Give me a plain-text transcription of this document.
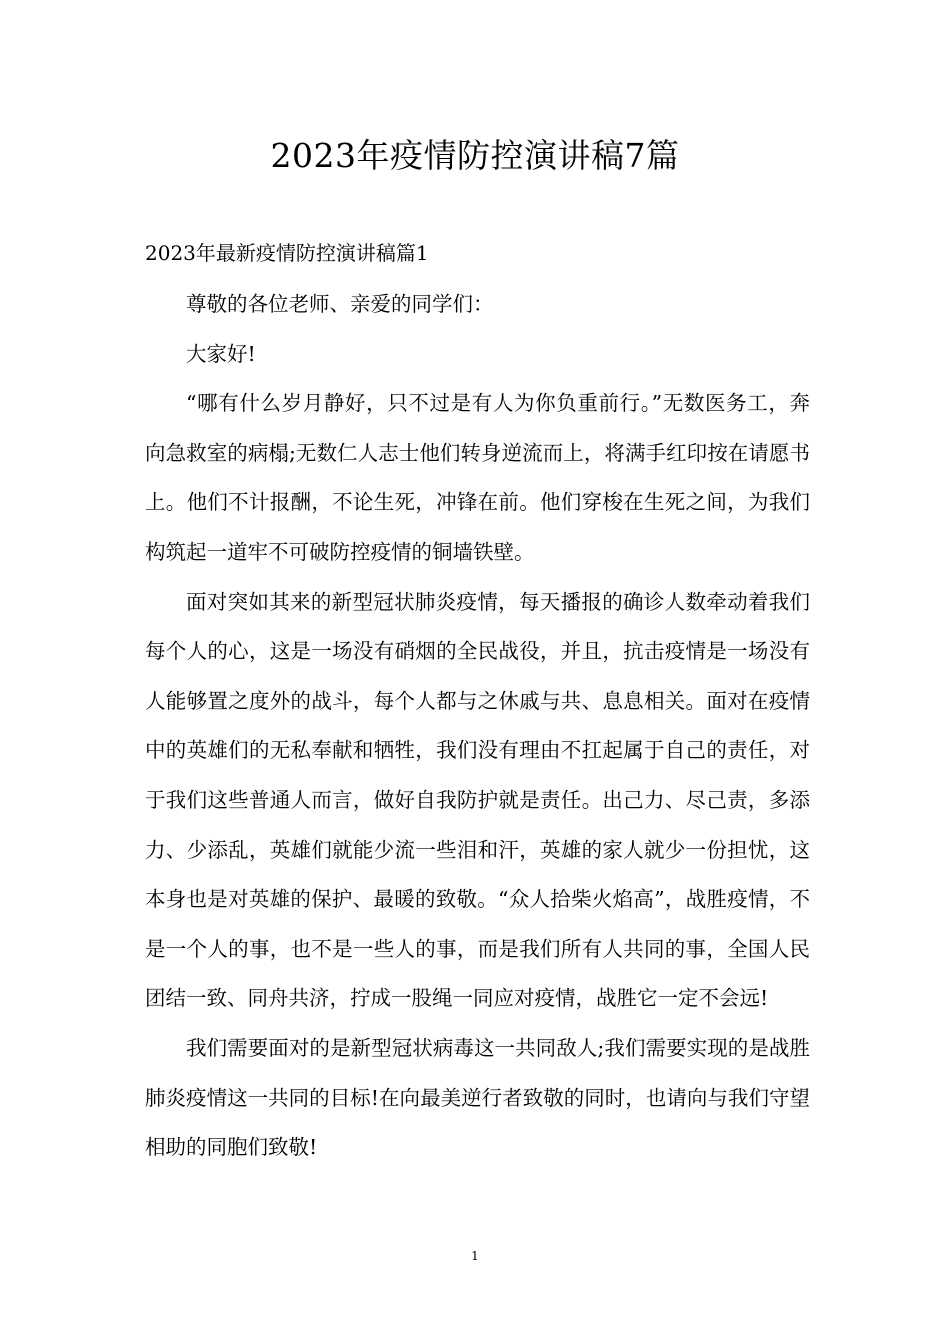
2023年疫情防控演讲稿7篇
2023年最新疫情防控演讲稿篇1

尊敬的各位老师、亲爱的同学们：

大家好!

“哪有什么岁月静好，只不过是有人为你负重前行。”无数医务工，奔向急救室的病榻;无数仁人志士他们转身逆流而上，将满手红印按在请愿书上。他们不计报酬，不论生死，冲锋在前。他们穿梭在生死之间，为我们构筑起一道牢不可破防控疫情的铜墙铁壁。

面对突如其来的新型冠状肺炎疫情，每天播报的确诊人数牵动着我们每个人的心，这是一场没有硝烟的全民战役，并且，抗击疫情是一场没有人能够置之度外的战斗，每个人都与之休戚与共、息息相关。面对在疫情中的英雄们的无私奉献和牺牲，我们没有理由不扛起属于自己的责任，对于我们这些普通人而言，做好自我防护就是责任。出己力、尽己责，多添力、少添乱，英雄们就能少流一些泪和汗，英雄的家人就少一份担忧，这本身也是对英雄的保护、最暖的致敬。“众人拾柴火焰高”，战胜疫情，不是一个人的事，也不是一些人的事，而是我们所有人共同的事，全国人民团结一致、同舟共济，拧成一股绳一同应对疫情，战胜它一定不会远!

我们需要面对的是新型冠状病毒这一共同敌人;我们需要实现的是战胜肺炎疫情这一共同的目标!在向最美逆行者致敬的同时，也请向与我们守望相助的同胞们致敬!

1
